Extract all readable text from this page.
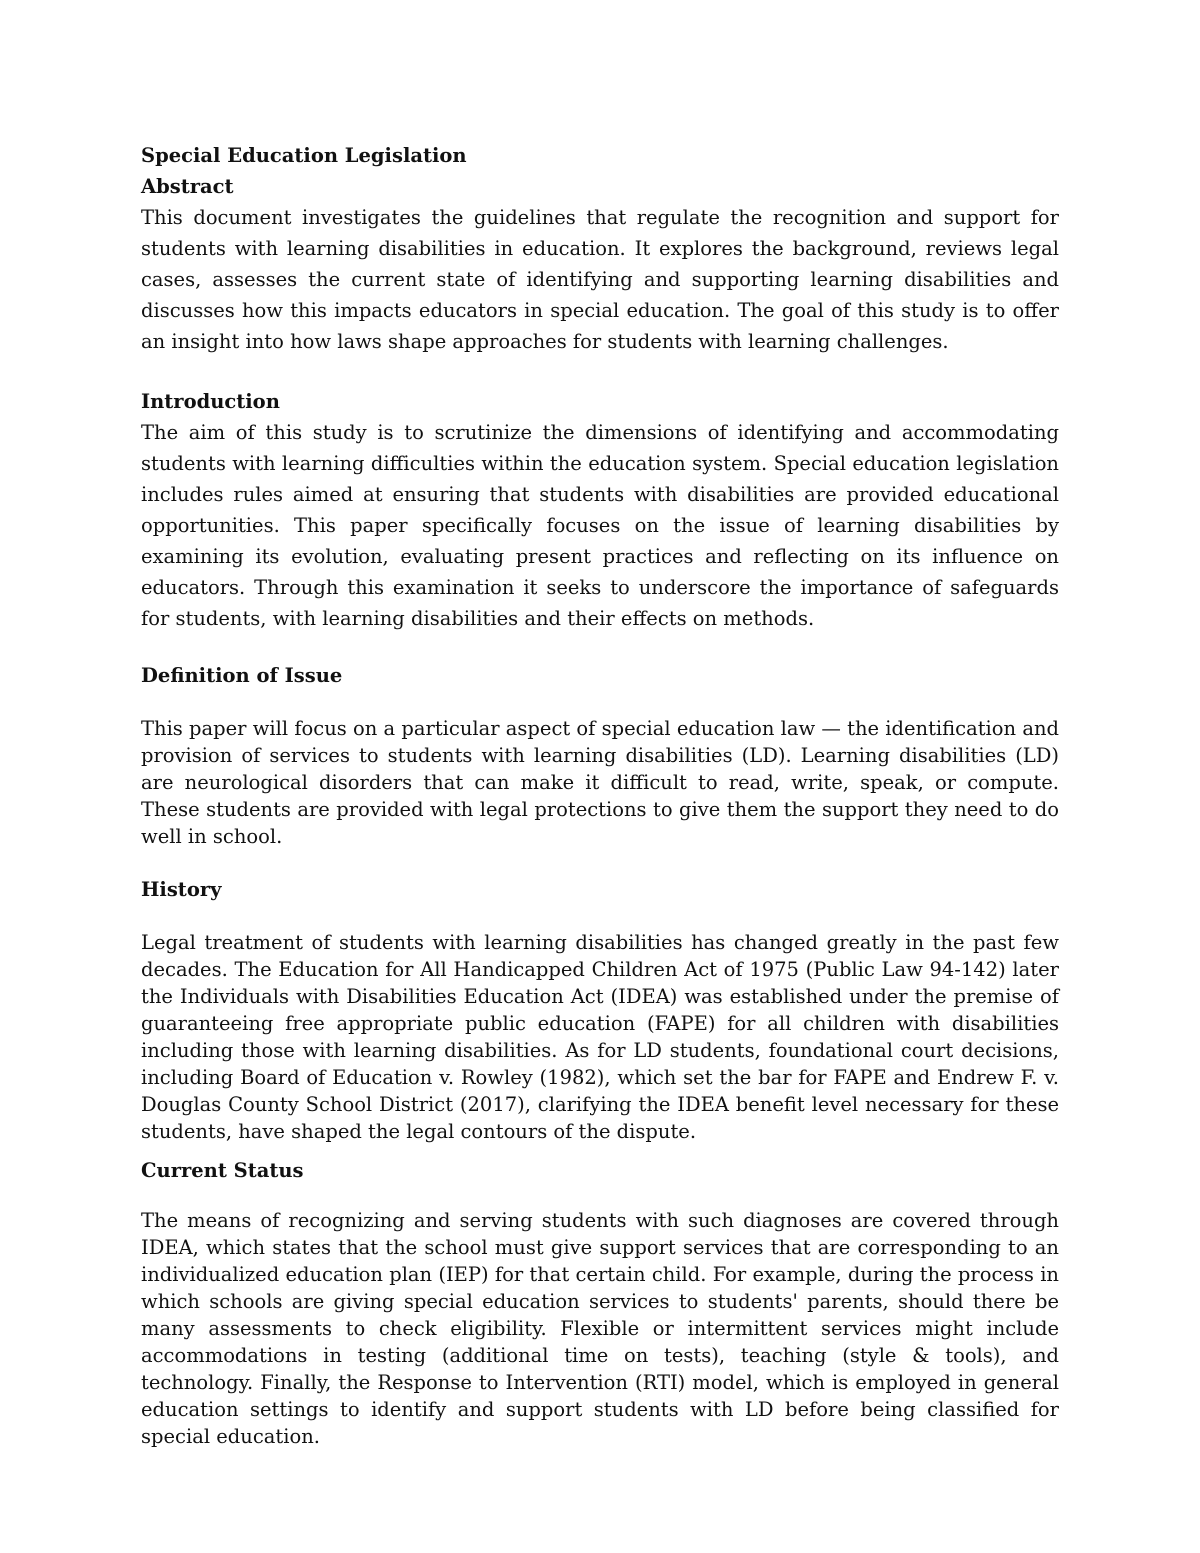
Special Education Legislation
Abstract

This document investigates the guidelines that regulate the recognition and support for students with learning disabilities in education. It explores the background, reviews legal cases, assesses the current state of identifying and supporting learning disabilities and discusses how this impacts educators in special education. The goal of this study is to offer an insight into how laws shape approaches for students with learning challenges.

Introduction

The aim of this study is to scrutinize the dimensions of identifying and accommodating students with learning difficulties within the education system. Special education legislation includes rules aimed at ensuring that students with disabilities are provided educational opportunities. This paper specifically focuses on the issue of learning disabilities by examining its evolution, evaluating present practices and reflecting on its influence on educators. Through this examination it seeks to underscore the importance of safeguards for students, with learning disabilities and their effects on methods.

Definition of Issue

This paper will focus on a particular aspect of special education law — the identification and provision of services to students with learning disabilities (LD). Learning disabilities (LD) are neurological disorders that can make it difficult to read, write, speak, or compute. These students are provided with legal protections to give them the support they need to do well in school.

History

Legal treatment of students with learning disabilities has changed greatly in the past few decades. The Education for All Handicapped Children Act of 1975 (Public Law 94-142) later the Individuals with Disabilities Education Act (IDEA) was established under the premise of guaranteeing free appropriate public education (FAPE) for all children with disabilities including those with learning disabilities. As for LD students, foundational court decisions, including Board of Education v. Rowley (1982), which set the bar for FAPE and Endrew F. v. Douglas County School District (2017), clarifying the IDEA benefit level necessary for these students, have shaped the legal contours of the dispute.

Current Status

The means of recognizing and serving students with such diagnoses are covered through IDEA, which states that the school must give support services that are corresponding to an individualized education plan (IEP) for that certain child. For example, during the process in which schools are giving special education services to students' parents, should there be many assessments to check eligibility. Flexible or intermittent services might include accommodations in testing (additional time on tests), teaching (style & tools), and technology. Finally, the Response to Intervention (RTI) model, which is employed in general education settings to identify and support students with LD before being classified for special education.
